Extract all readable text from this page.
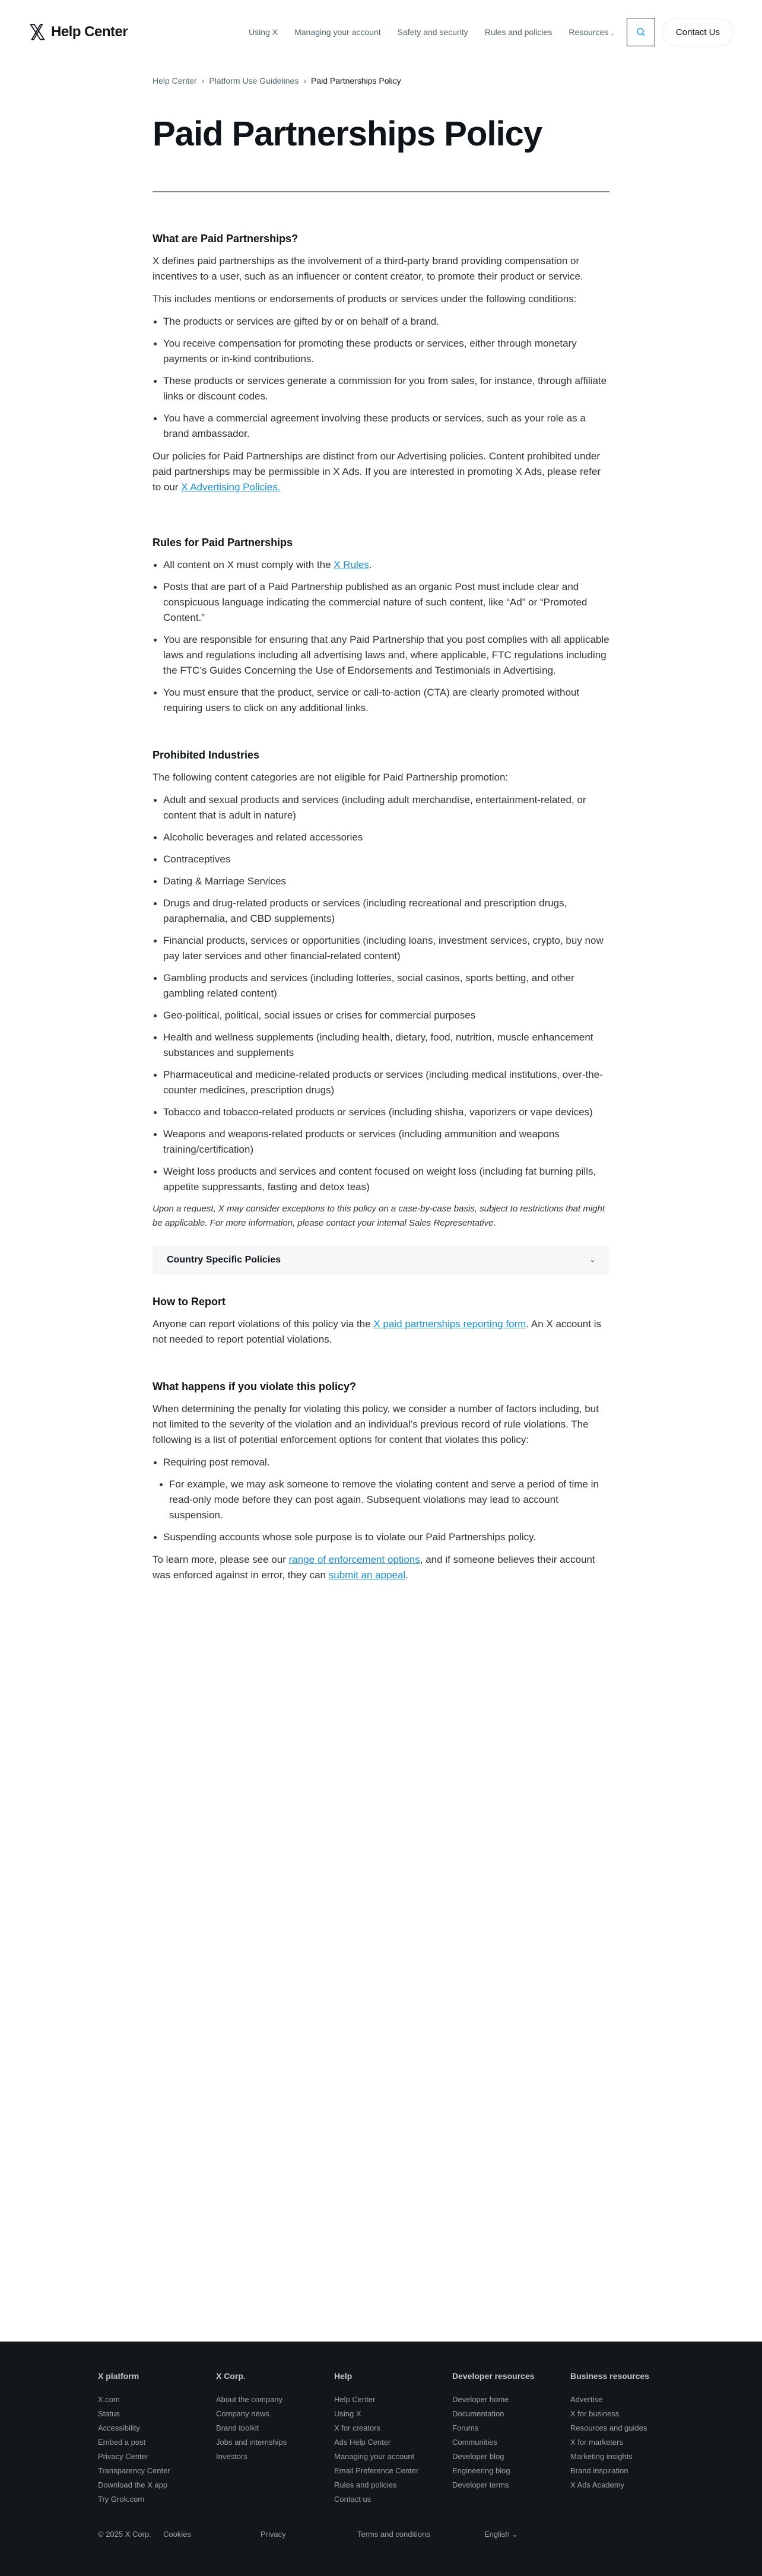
Help Center	Using X Managing your account Safety and security Rules and policies Resources ⌄	Contact Us
Help Center › Platform Use Guidelines › Paid Partnerships Policy
Paid Partnerships Policy
What are Paid Partnerships?

X defines paid partnerships as the involvement of a third-party brand providing compensation or incentives to a user, such as an influencer or content creator, to promote their product or service.

This includes mentions or endorsements of products or services under the following conditions:

The products or services are gifted by or on behalf of a brand.
You receive compensation for promoting these products or services, either through monetary payments or in-kind contributions.
These products or services generate a commission for you from sales, for instance, through affiliate links or discount codes.
You have a commercial agreement involving these products or services, such as your role as a brand ambassador.

Our policies for Paid Partnerships are distinct from our Advertising policies. Content prohibited under paid partnerships may be permissible in X Ads. If you are interested in promoting X Ads, please refer to our X Advertising Policies.

Rules for Paid Partnerships
All content on X must comply with the X Rules.
Posts that are part of a Paid Partnership published as an organic Post must include clear and conspicuous language indicating the commercial nature of such content, like “Ad” or “Promoted Content.”
You are responsible for ensuring that any Paid Partnership that you post complies with all applicable laws and regulations including all advertising laws and, where applicable, FTC regulations including the FTC’s Guides Concerning the Use of Endorsements and Testimonials in Advertising.
You must ensure that the product, service or call-to-action (CTA) are clearly promoted without requiring users to click on any additional links.
Prohibited Industries

The following content categories are not eligible for Paid Partnership promotion:

Adult and sexual products and services (including adult merchandise, entertainment-related, or content that is adult in nature)
Alcoholic beverages and related accessories
Contraceptives
Dating & Marriage Services
Drugs and drug-related products or services (including recreational and prescription drugs, paraphernalia, and CBD supplements)
Financial products, services or opportunities (including loans, investment services, crypto, buy now pay later services and other financial-related content)
Gambling products and services (including lotteries, social casinos, sports betting, and other gambling related content)
Geo-political, political, social issues or crises for commercial purposes
Health and wellness supplements (including health, dietary, food, nutrition, muscle enhancement substances and supplements
Pharmaceutical and medicine-related products or services (including medical institutions, over-the-counter medicines, prescription drugs)
Tobacco and tobacco-related products or services (including shisha, vaporizers or vape devices)
Weapons and weapons-related products or services (including ammunition and weapons training/certification)
Weight loss products and services and content focused on weight loss (including fat burning pills, appetite suppressants, fasting and detox teas)

Upon a request, X may consider exceptions to this policy on a case-by-case basis, subject to restrictions that might be applicable. For more information, please contact your internal Sales Representative.

Country Specific Policies	⌄
How to Report

Anyone can report violations of this policy via the X paid partnerships reporting form. An X account is not needed to report potential violations.

What happens if you violate this policy?

When determining the penalty for violating this policy, we consider a number of factors including, but not limited to the severity of the violation and an individual’s previous record of rule violations. The following is a list of potential enforcement options for content that violates this policy:

Requiring post removal.
For example, we may ask someone to remove the violating content and serve a period of time in read-only mode before they can post again. Subsequent violations may lead to account suspension.
Suspending accounts whose sole purpose is to violate our Paid Partnerships policy.

To learn more, please see our range of enforcement options, and if someone believes their account was enforced against in error, they can submit an appeal.

X platform
X.com
Status
Accessibility
Embed a post
Privacy Center
Transparency Center
Download the X app
Try Grok.com
X Corp.
About the company
Company news
Brand toolkit
Jobs and internships
Investors
Help
Help Center
Using X
X for creators
Ads Help Center
Managing your account
Email Preference Center
Rules and policies
Contact us
Developer resources
Developer home
Documentation
Forums
Communities
Developer blog
Engineering blog
Developer terms
Business resources
Advertise
X for business
Resources and guides
X for marketers
Marketing insights
Brand inspiration
X Ads Academy
© 2025 X Corp.	Cookies	Privacy	Terms and conditions	English ⌄
